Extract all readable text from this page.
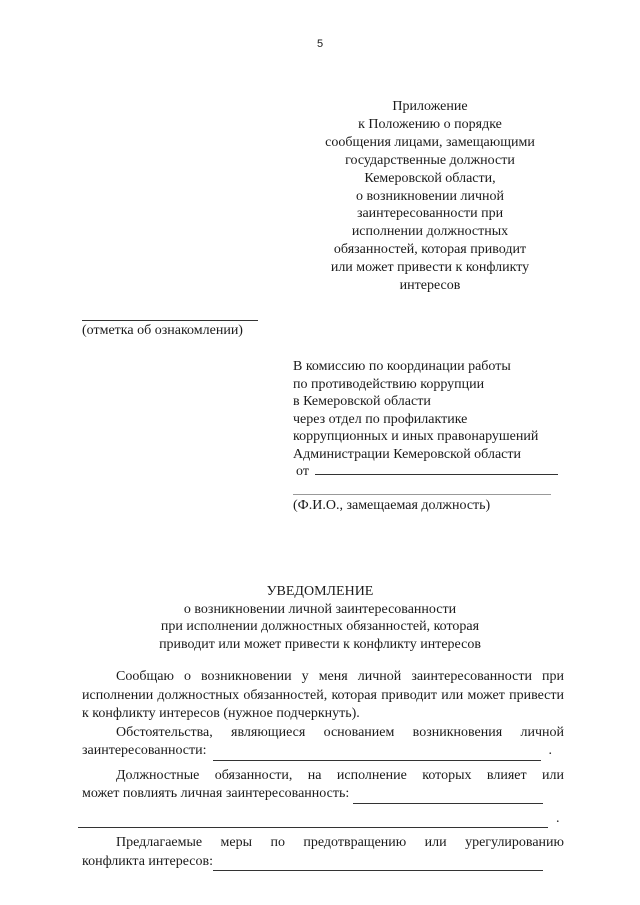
5
Приложение
к Положению о порядке
сообщения лицами, замещающими
государственные должности
Кемеровской области,
о возникновении личной
заинтересованности при
исполнении должностных
обязанностей, которая приводит
или может привести к конфликту
интересов
(отметка об ознакомлении)
В комиссию по координации работы
по противодействию коррупции
в Кемеровской области
через отдел по профилактике
коррупционных и иных правонарушений
Администрации Кемеровской области
от
(Ф.И.О., замещаемая должность)
УВЕДОМЛЕНИЕ
о возникновении личной заинтересованности
при исполнении должностных обязанностей, которая
приводит или может привести к конфликту интересов

Сообщаю о возникновении у меня личной заинтересованности при исполнении должностных обязанностей, которая приводит или может привести к конфликту интересов (нужное подчеркнуть).

Обстоятельства, являющиеся основанием возникновения личной

заинтересованности:	.

Должностные обязанности, на исполнение которых влияет или

может повлиять личная заинтересованность:
.

Предлагаемые меры по предотвращению или урегулированию

конфликта интересов:
